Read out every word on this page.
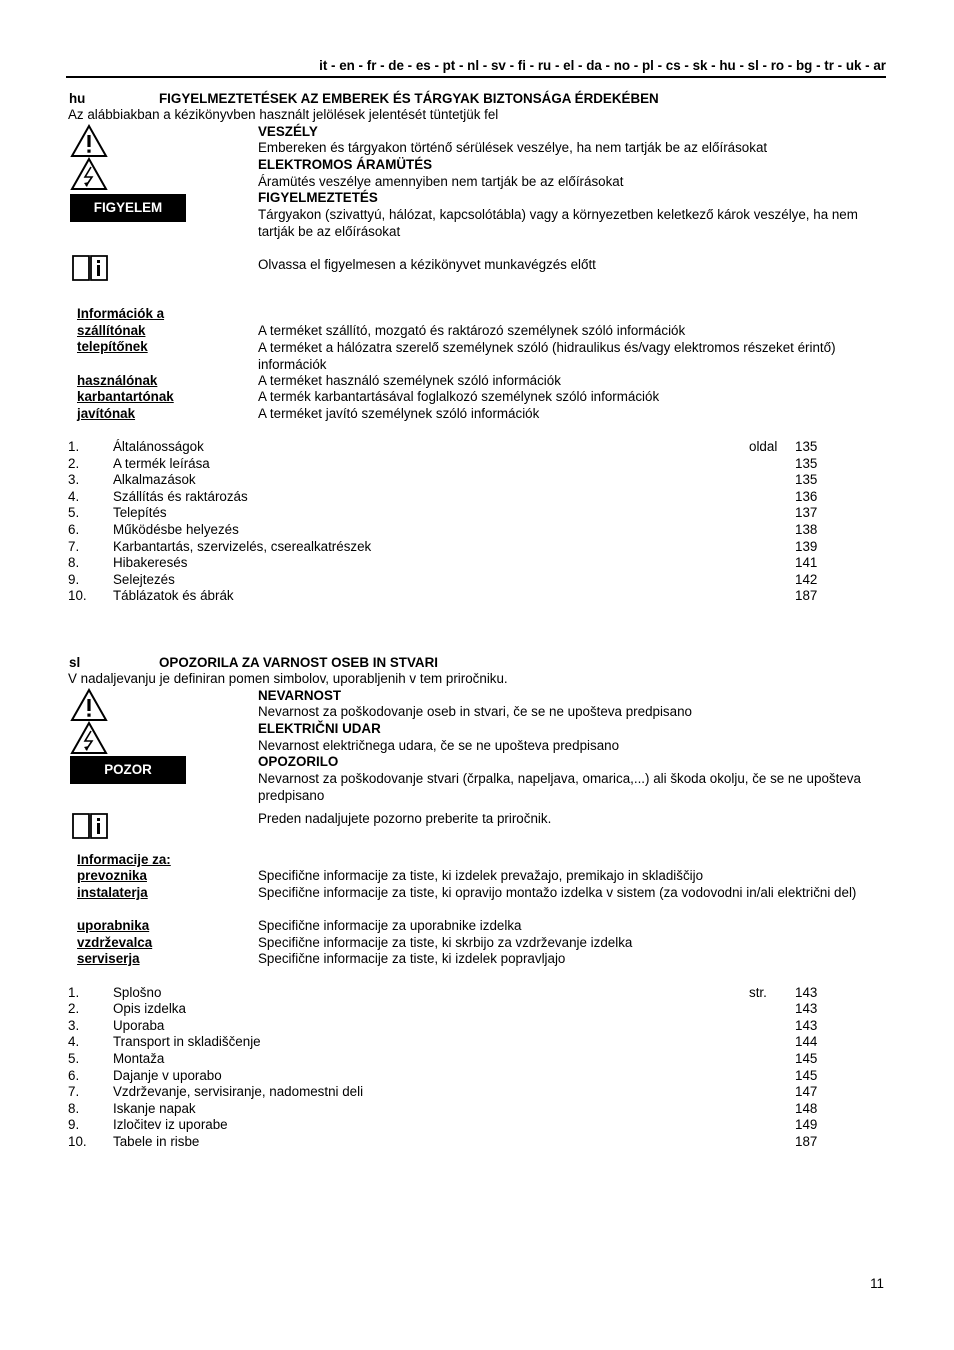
it - en - fr - de - es - pt - nl - sv - fi - ru - el - da - no - pl - cs - sk - hu - sl - ro - bg - tr - uk - ar
hu	FIGYELMEZTETÉSEK AZ EMBEREK ÉS TÁRGYAK BIZTONSÁGA ÉRDEKÉBEN
Az alábbiakban a kézikönyvben használt jelölések jelentését tüntetjük fel
FIGYELEM
VESZÉLY
Embereken és tárgyakon történő sérülések veszélye, ha nem tartják be az előírásokat
ELEKTROMOS ÁRAMÜTÉS
Áramütés veszélye amennyiben nem tartják be az előírásokat
FIGYELMEZTETÉS
Tárgyakon (szivattyú, hálózat, kapcsolótábla) vagy a környezetben keletkező károk veszélye, ha nem tartják be az előírásokat
Olvassa el figyelmesen a kézikönyvet munkavégzés előtt
Információk a
szállítónak	A terméket szállító, mozgató és raktározó személynek szóló információk
telepítőnek	A terméket a hálózatra szerelő személynek szóló (hidraulikus és/vagy elektromos részeket érintő) információk
használónak	A terméket használó személynek szóló információk
karbantartónak	A termék karbantartásával foglalkozó személynek szóló információk
javítónak	A terméket javító személynek szóló információk
oldal
1.	Általánosságok	135
2.	A termék leírása	135
3.	Alkalmazások	135
4.	Szállítás és raktározás	136
5.	Telepítés	137
6.	Működésbe helyezés	138
7.	Karbantartás, szervizelés, cserealkatrészek	139
8.	Hibakeresés	141
9.	Selejtezés	142
10. Táblázatok és ábrák	187
sl	OPOZORILA ZA VARNOST OSEB IN STVARI
V nadaljevanju je definiran pomen simbolov, uporabljenih v tem priročniku.
POZOR
NEVARNOST
Nevarnost za poškodovanje oseb in stvari, če se ne upošteva predpisano
ELEKTRIČNI UDAR
Nevarnost električnega udara, če se ne upošteva predpisano
OPOZORILO
Nevarnost za poškodovanje stvari (črpalka, napeljava, omarica,...) ali škoda okolju, če se ne upošteva predpisano
Preden nadaljujete pozorno preberite ta priročnik.
Informacije za:
prevoznika	Specifične informacije za tiste, ki izdelek prevažajo, premikajo in skladiščijo
instalaterja	Specifične informacije za tiste, ki opravijo montažo izdelka v sistem (za vodovodni in/ali električni del)
uporabnika	Specifične informacije za uporabnike izdelka
vzdrževalca	Specifične informacije za tiste, ki skrbijo za vzdrževanje izdelka
serviserja	Specifične informacije za tiste, ki izdelek popravljajo
str.
1.	Splošno	143
2.	Opis izdelka	143
3.	Uporaba	143
4.	Transport in skladiščenje	144
5.	Montaža	145
6.	Dajanje v uporabo	145
7.	Vzdrževanje, servisiranje, nadomestni deli	147
8.	Iskanje napak	148
9.	Izločitev iz uporabe	149
10. Tabele in risbe	187
11
